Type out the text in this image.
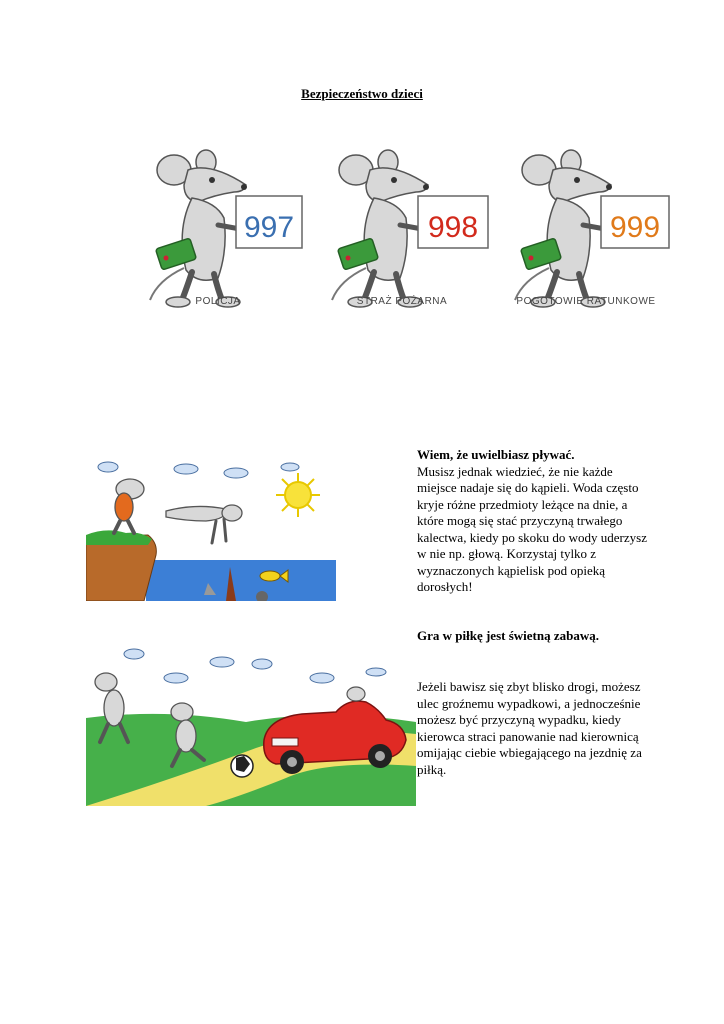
Bezpieczeństwo dzieci
997
POLICJA
998
STRAŻ POŻARNA
999
POGOTOWIE RATUNKOWE
Wiem, że uwielbiasz pływać.
Musisz jednak wiedzieć, że nie każde miejsce nadaje się do kąpieli. Woda często kryje różne przedmioty leżące na dnie, a które mogą się stać przyczyną trwałego kalectwa, kiedy po skoku do wody uderzysz w nie np. głową. Korzystaj tylko z wyznaczonych kąpielisk pod opieką dorosłych!
Gra w piłkę jest świetną zabawą.
Jeżeli bawisz się zbyt blisko drogi, możesz ulec groźnemu wypadkowi, a jednocześnie możesz być przyczyną wypadku, kiedy kierowca straci panowanie nad kierownicą omijając ciebie wbiegającego na jezdnię za piłką.
